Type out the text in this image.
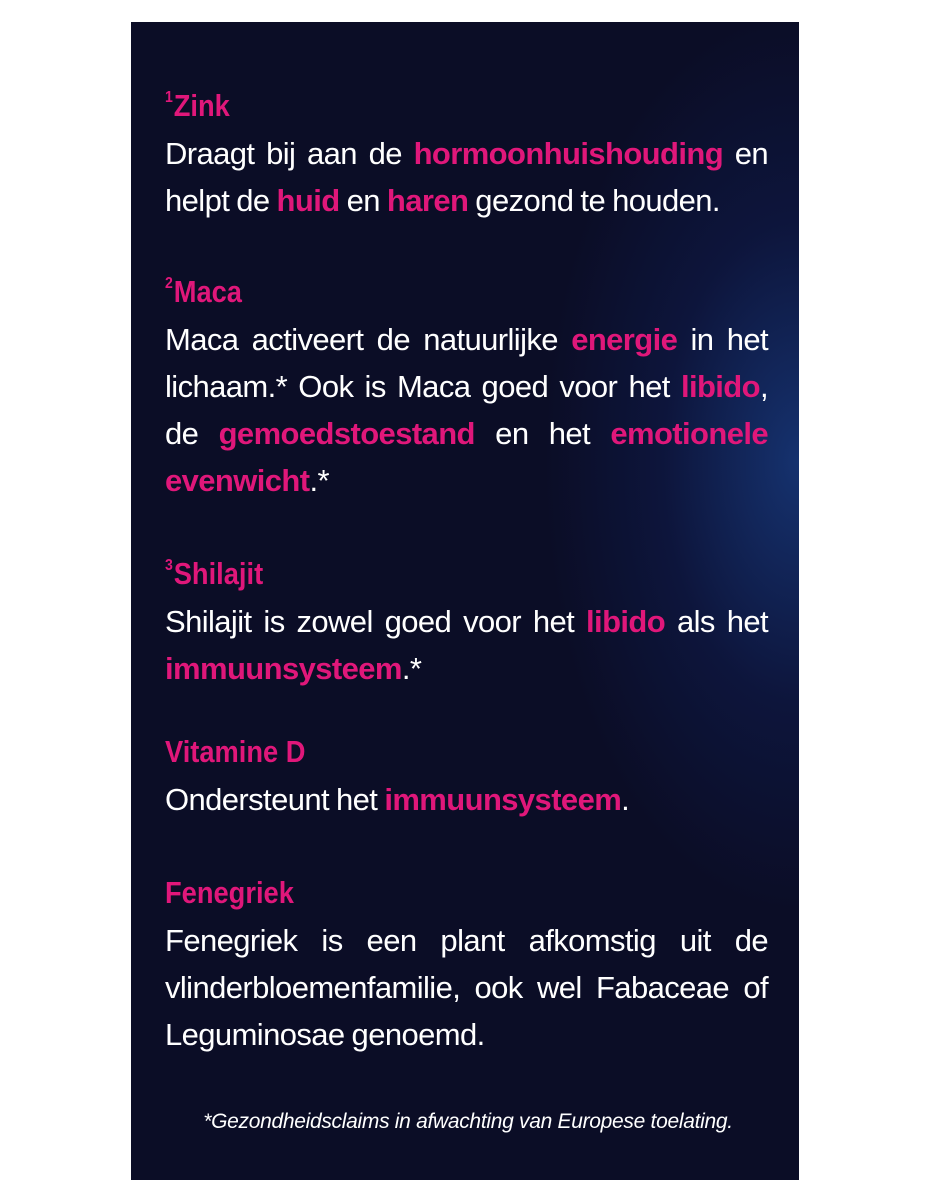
$^1$Zink
Draagt bij aan de hormoonhuishouding en helpt de huid en haren gezond te houden.
$^2$Maca
Maca activeert de natuurlijke energie in het lichaam.* Ook is Maca goed voor het libido, de gemoedstoestand en het emotionele evenwicht.*
$^3$Shilajit
Shilajit is zowel goed voor het libido als het immuunsysteem.*
Vitamine D
Ondersteunt het immuunsysteem.
Fenegriek
Fenegriek is een plant afkomstig uit de vlinderbloemenfamilie, ook wel Fabaceae of Leguminosae genoemd.
*Gezondheidsclaims in afwachting van Europese toelating.
